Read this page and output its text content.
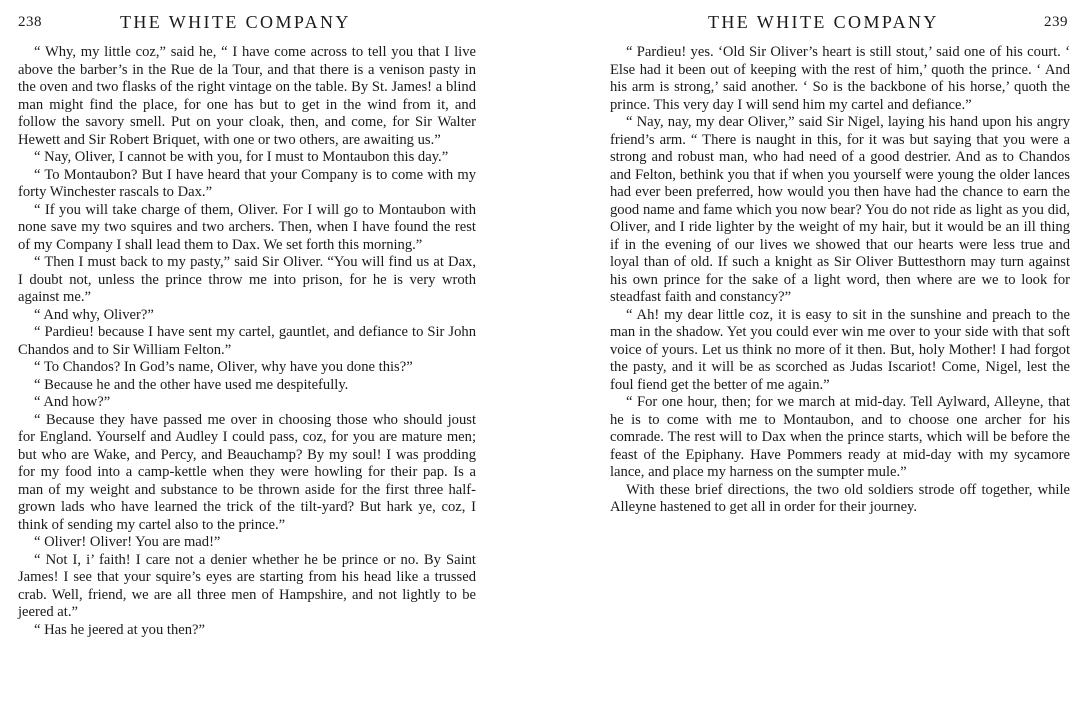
238	THE WHITE COMPANY

“ Why, my little coz,” said he, “ I have come across to tell you that I live above the barber’s in the Rue de la Tour, and that there is a venison pasty in the oven and two flasks of the right vintage on the table. By St. James! a blind man might find the place, for one has but to get in the wind from it, and follow the savory smell. Put on your cloak, then, and come, for Sir Walter Hewett and Sir Robert Briquet, with one or two others, are awaiting us.”

“ Nay, Oliver, I cannot be with you, for I must to Montaubon this day.”

“ To Montaubon? But I have heard that your Company is to come with my forty Winchester rascals to Dax.”

“ If you will take charge of them, Oliver. For I will go to Montaubon with none save my two squires and two archers. Then, when I have found the rest of my Company I shall lead them to Dax. We set forth this morning.”

“ Then I must back to my pasty,” said Sir Oliver. “You will find us at Dax, I doubt not, unless the prince throw me into prison, for he is very wroth against me.”

“ And why, Oliver?”

“ Pardieu! because I have sent my cartel, gauntlet, and defiance to Sir John Chandos and to Sir William Felton.”

“ To Chandos? In God’s name, Oliver, why have you done this?”

“ Because he and the other have used me despitefully.

“ And how?”

“ Because they have passed me over in choosing those who should joust for England. Yourself and Audley I could pass, coz, for you are mature men; but who are Wake, and Percy, and Beauchamp? By my soul! I was prodding for my food into a camp-kettle when they were howling for their pap. Is a man of my weight and substance to be thrown aside for the first three half-grown lads who have learned the trick of the tilt-yard? But hark ye, coz, I think of sending my cartel also to the prince.”

“ Oliver! Oliver! You are mad!”

“ Not I, i’ faith! I care not a denier whether he be prince or no. By Saint James! I see that your squire’s eyes are starting from his head like a trussed crab. Well, friend, we are all three men of Hampshire, and not lightly to be jeered at.”

“ Has he jeered at you then?”

THE WHITE COMPANY	239

“ Pardieu! yes. ‘Old Sir Oliver’s heart is still stout,’ said one of his court. ‘ Else had it been out of keeping with the rest of him,’ quoth the prince. ‘ And his arm is strong,’ said another. ‘ So is the backbone of his horse,’ quoth the prince. This very day I will send him my cartel and defiance.”

“ Nay, nay, my dear Oliver,” said Sir Nigel, laying his hand upon his angry friend’s arm. “ There is naught in this, for it was but saying that you were a strong and robust man, who had need of a good destrier. And as to Chandos and Felton, bethink you that if when you yourself were young the older lances had ever been preferred, how would you then have had the chance to earn the good name and fame which you now bear? You do not ride as light as you did, Oliver, and I ride lighter by the weight of my hair, but it would be an ill thing if in the evening of our lives we showed that our hearts were less true and loyal than of old. If such a knight as Sir Oliver Buttesthorn may turn against his own prince for the sake of a light word, then where are we to look for steadfast faith and constancy?”

“ Ah! my dear little coz, it is easy to sit in the sunshine and preach to the man in the shadow. Yet you could ever win me over to your side with that soft voice of yours. Let us think no more of it then. But, holy Mother! I had forgot the pasty, and it will be as scorched as Judas Iscariot! Come, Nigel, lest the foul fiend get the better of me again.”

“ For one hour, then; for we march at mid-day. Tell Aylward, Alleyne, that he is to come with me to Montaubon, and to choose one archer for his comrade. The rest will to Dax when the prince starts, which will be before the feast of the Epiphany. Have Pommers ready at mid-day with my sycamore lance, and place my harness on the sumpter mule.”

With these brief directions, the two old soldiers strode off together, while Alleyne hastened to get all in order for their journey.
